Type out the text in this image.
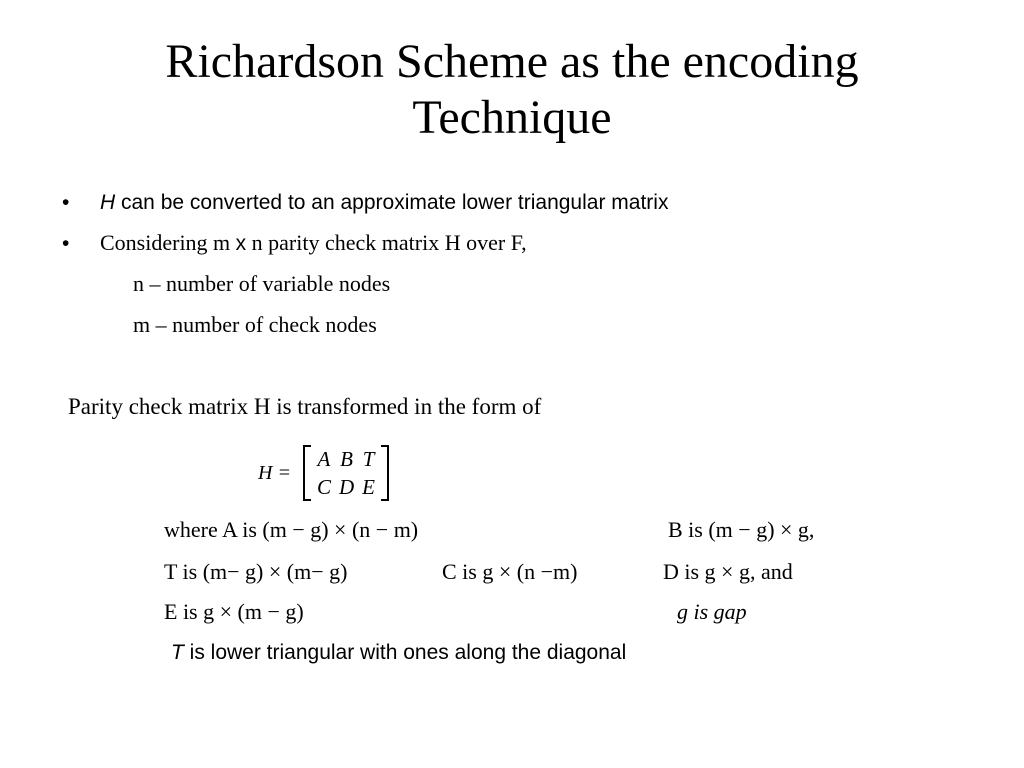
Richardson Scheme as the encoding
Technique
• H can be converted to an approximate lower triangular matrix
• Considering m x n parity check matrix H over F,
n – number of variable nodes
m – number of check nodes
Parity check matrix H is transformed in the form of
H =
A	B	T
C	D	E
where A is (m − g) × (n − m)	B is (m − g) × g,
T is (m− g) × (m− g)	C is g × (n −m)	D is g × g, and
E is g × (m − g)	g is gap
T is lower triangular with ones along the diagonal
